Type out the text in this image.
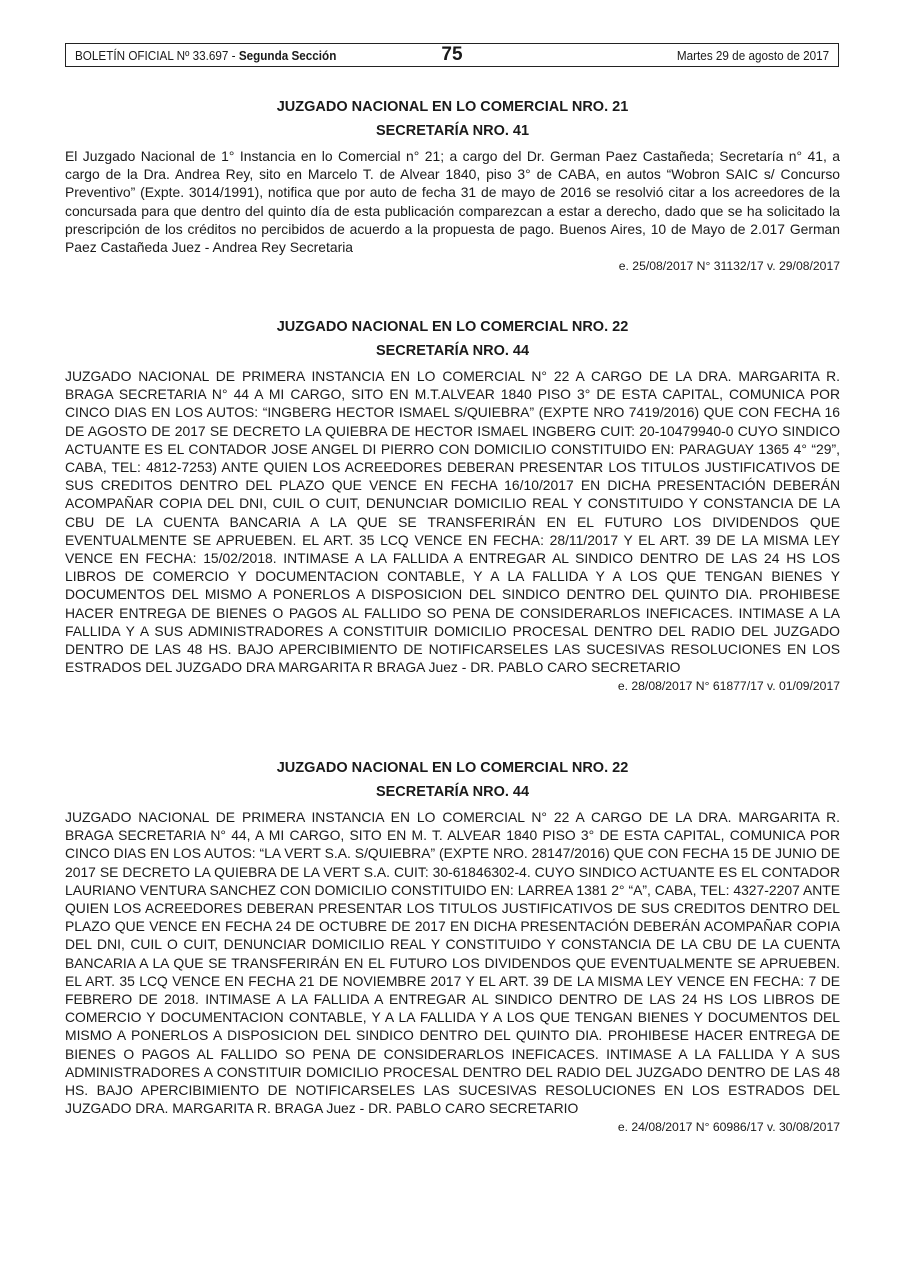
BOLETÍN OFICIAL Nº 33.697 - Segunda Sección	75	Martes 29 de agosto de 2017
JUZGADO NACIONAL EN LO COMERCIAL NRO. 21
SECRETARÍA NRO. 41

El Juzgado Nacional de 1° Instancia en lo Comercial n° 21; a cargo del Dr. German Paez Castañeda; Secretaría n° 41, a cargo de la Dra. Andrea Rey, sito en Marcelo T. de Alvear 1840, piso 3° de CABA, en autos “Wobron SAIC s/ Concurso Preventivo” (Expte. 3014/1991), notifica que por auto de fecha 31 de mayo de 2016 se resolvió citar a los acreedores de la concursada para que dentro del quinto día de esta publicación comparezcan a estar a derecho, dado que se ha solicitado la prescripción de los créditos no percibidos de acuerdo a la propuesta de pago. Buenos Aires, 10 de Mayo de 2.017 German Paez Castañeda Juez - Andrea Rey Secretaria

e. 25/08/2017 N° 31132/17 v. 29/08/2017
JUZGADO NACIONAL EN LO COMERCIAL NRO. 22
SECRETARÍA NRO. 44

JUZGADO NACIONAL DE PRIMERA INSTANCIA EN LO COMERCIAL N° 22 A CARGO DE LA DRA. MARGARITA R. BRAGA SECRETARIA N° 44 A MI CARGO, SITO EN M.T.ALVEAR 1840 PISO 3° DE ESTA CAPITAL, COMUNICA POR CINCO DIAS EN LOS AUTOS: “INGBERG HECTOR ISMAEL S/QUIEBRA” (EXPTE NRO 7419/2016) QUE CON FECHA 16 DE AGOSTO DE 2017 SE DECRETO LA QUIEBRA DE HECTOR ISMAEL INGBERG CUIT: 20-10479940-0 CUYO SINDICO ACTUANTE ES EL CONTADOR JOSE ANGEL DI PIERRO CON DOMICILIO CONSTITUIDO EN: PARAGUAY 1365 4° “29”, CABA, TEL: 4812-7253) ANTE QUIEN LOS ACREEDORES DEBERAN PRESENTAR LOS TITULOS JUSTIFICATIVOS DE SUS CREDITOS DENTRO DEL PLAZO QUE VENCE EN FECHA 16/10/2017 EN DICHA PRESENTACIÓN DEBERÁN ACOMPAÑAR COPIA DEL DNI, CUIL O CUIT, DENUNCIAR DOMICILIO REAL Y CONSTITUIDO Y CONSTANCIA DE LA CBU DE LA CUENTA BANCARIA A LA QUE SE TRANSFERIRÁN EN EL FUTURO LOS DIVIDENDOS QUE EVENTUALMENTE SE APRUEBEN. EL ART. 35 LCQ VENCE EN FECHA: 28/11/2017 Y EL ART. 39 DE LA MISMA LEY VENCE EN FECHA: 15/02/2018. INTIMASE A LA FALLIDA A ENTREGAR AL SINDICO DENTRO DE LAS 24 HS LOS LIBROS DE COMERCIO Y DOCUMENTACION CONTABLE, Y A LA FALLIDA Y A LOS QUE TENGAN BIENES Y DOCUMENTOS DEL MISMO A PONERLOS A DISPOSICION DEL SINDICO DENTRO DEL QUINTO DIA. PROHIBESE HACER ENTREGA DE BIENES O PAGOS AL FALLIDO SO PENA DE CONSIDERARLOS INEFICACES. INTIMASE A LA FALLIDA Y A SUS ADMINISTRADORES A CONSTITUIR DOMICILIO PROCESAL DENTRO DEL RADIO DEL JUZGADO DENTRO DE LAS 48 HS. BAJO APERCIBIMIENTO DE NOTIFICARSELES LAS SUCESIVAS RESOLUCIONES EN LOS ESTRADOS DEL JUZGADO DRA MARGARITA R BRAGA Juez - DR. PABLO CARO SECRETARIO

e. 28/08/2017 N° 61877/17 v. 01/09/2017
JUZGADO NACIONAL EN LO COMERCIAL NRO. 22
SECRETARÍA NRO. 44

JUZGADO NACIONAL DE PRIMERA INSTANCIA EN LO COMERCIAL N° 22 A CARGO DE LA DRA. MARGARITA R. BRAGA SECRETARIA N° 44, A MI CARGO, SITO EN M. T. ALVEAR 1840 PISO 3° DE ESTA CAPITAL, COMUNICA POR CINCO DIAS EN LOS AUTOS: “LA VERT S.A. S/QUIEBRA” (EXPTE NRO. 28147/2016) QUE CON FECHA 15 DE JUNIO DE 2017 SE DECRETO LA QUIEBRA DE LA VERT S.A. CUIT: 30-61846302-4. CUYO SINDICO ACTUANTE ES EL CONTADOR LAURIANO VENTURA SANCHEZ CON DOMICILIO CONSTITUIDO EN: LARREA 1381 2° “A”, CABA, TEL: 4327-2207 ANTE QUIEN LOS ACREEDORES DEBERAN PRESENTAR LOS TITULOS JUSTIFICATIVOS DE SUS CREDITOS DENTRO DEL PLAZO QUE VENCE EN FECHA 24 DE OCTUBRE DE 2017 EN DICHA PRESENTACIÓN DEBERÁN ACOMPAÑAR COPIA DEL DNI, CUIL O CUIT, DENUNCIAR DOMICILIO REAL Y CONSTITUIDO Y CONSTANCIA DE LA CBU DE LA CUENTA BANCARIA A LA QUE SE TRANSFERIRÁN EN EL FUTURO LOS DIVIDENDOS QUE EVENTUALMENTE SE APRUEBEN. EL ART. 35 LCQ VENCE EN FECHA 21 DE NOVIEMBRE 2017 Y EL ART. 39 DE LA MISMA LEY VENCE EN FECHA: 7 DE FEBRERO DE 2018. INTIMASE A LA FALLIDA A ENTREGAR AL SINDICO DENTRO DE LAS 24 HS LOS LIBROS DE COMERCIO Y DOCUMENTACION CONTABLE, Y A LA FALLIDA Y A LOS QUE TENGAN BIENES Y DOCUMENTOS DEL MISMO A PONERLOS A DISPOSICION DEL SINDICO DENTRO DEL QUINTO DIA. PROHIBESE HACER ENTREGA DE BIENES O PAGOS AL FALLIDO SO PENA DE CONSIDERARLOS INEFICACES. INTIMASE A LA FALLIDA Y A SUS ADMINISTRADORES A CONSTITUIR DOMICILIO PROCESAL DENTRO DEL RADIO DEL JUZGADO DENTRO DE LAS 48 HS. BAJO APERCIBIMIENTO DE NOTIFICARSELES LAS SUCESIVAS RESOLUCIONES EN LOS ESTRADOS DEL JUZGADO DRA. MARGARITA R. BRAGA Juez - DR. PABLO CARO SECRETARIO

e. 24/08/2017 N° 60986/17 v. 30/08/2017
